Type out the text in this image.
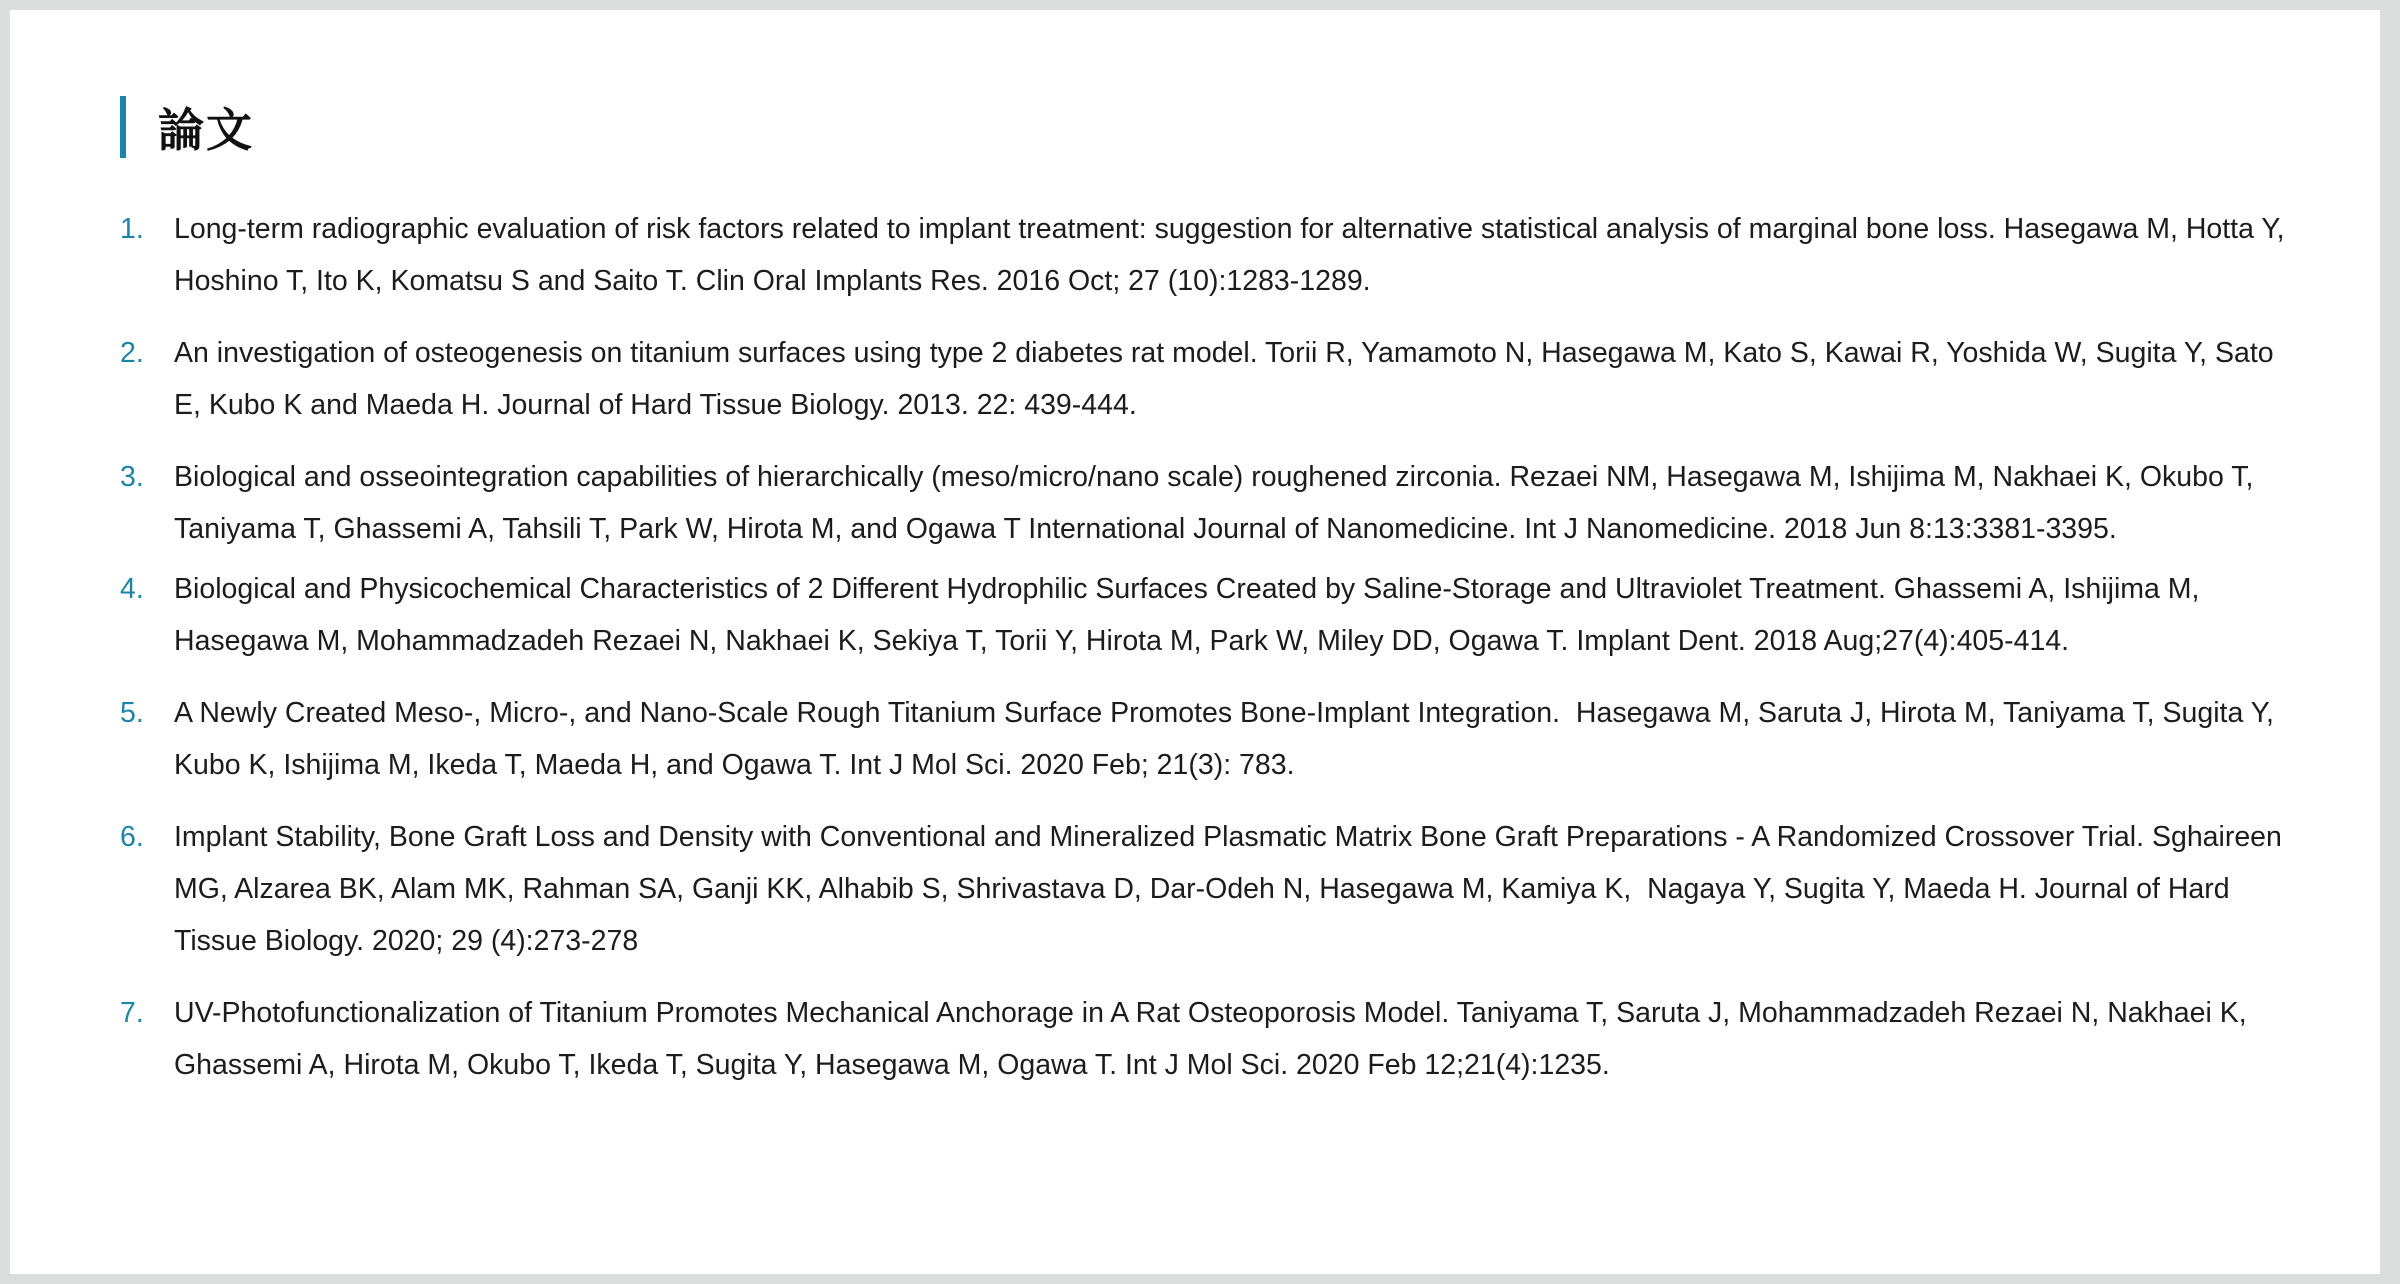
論文
1.	Long-term radiographic evaluation of risk factors related to implant treatment: suggestion for alternative statistical analysis of marginal bone loss. Hasegawa M, Hotta Y, Hoshino T, Ito K, Komatsu S and Saito T. Clin Oral Implants Res. 2016 Oct; 27 (10):1283-1289.
2.	An investigation of osteogenesis on titanium surfaces using type 2 diabetes rat model. Torii R, Yamamoto N, Hasegawa M, Kato S, Kawai R, Yoshida W, Sugita Y, Sato E, Kubo K and Maeda H. Journal of Hard Tissue Biology. 2013. 22: 439-444.
3.	Biological and osseointegration capabilities of hierarchically (meso/micro/nano scale) roughened zirconia. Rezaei NM, Hasegawa M, Ishijima M, Nakhaei K, Okubo T, Taniyama T, Ghassemi A, Tahsili T, Park W, Hirota M, and Ogawa T International Journal of Nanomedicine. Int J Nanomedicine. 2018 Jun 8:13:3381-3395.
4.	Biological and Physicochemical Characteristics of 2 Different Hydrophilic Surfaces Created by Saline-Storage and Ultraviolet Treatment. Ghassemi A, Ishijima M, Hasegawa M, Mohammadzadeh Rezaei N, Nakhaei K, Sekiya T, Torii Y, Hirota M, Park W, Miley DD, Ogawa T. Implant Dent. 2018 Aug;27(4):405-414.
5.	A Newly Created Meso-, Micro-, and Nano-Scale Rough Titanium Surface Promotes Bone-Implant Integration.  Hasegawa M, Saruta J, Hirota M, Taniyama T, Sugita Y, Kubo K, Ishijima M, Ikeda T, Maeda H, and Ogawa T. Int J Mol Sci. 2020 Feb; 21(3): 783.
6.	Implant Stability, Bone Graft Loss and Density with Conventional and Mineralized Plasmatic Matrix Bone Graft Preparations - A Randomized Crossover Trial. Sghaireen MG, Alzarea BK, Alam MK, Rahman SA, Ganji KK, Alhabib S, Shrivastava D, Dar-Odeh N, Hasegawa M, Kamiya K,  Nagaya Y, Sugita Y, Maeda H. Journal of Hard Tissue Biology. 2020; 29 (4):273-278
7.	UV-Photofunctionalization of Titanium Promotes Mechanical Anchorage in A Rat Osteoporosis Model. Taniyama T, Saruta J, Mohammadzadeh Rezaei N, Nakhaei K, Ghassemi A, Hirota M, Okubo T, Ikeda T, Sugita Y, Hasegawa M, Ogawa T. Int J Mol Sci. 2020 Feb 12;21(4):1235.
